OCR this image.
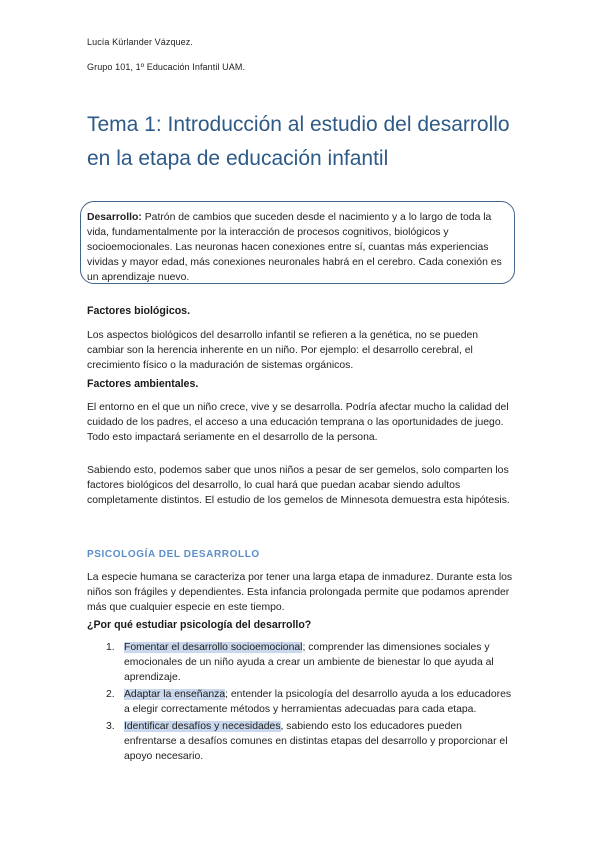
Lucía Kürlander Vázquez.
Grupo 101, 1º Educación Infantil UAM.
Tema 1: Introducción al estudio del desarrollo en la etapa de educación infantil
Desarrollo: Patrón de cambios que suceden desde el nacimiento y a lo largo de toda la vida, fundamentalmente por la interacción de procesos cognitivos, biológicos y socioemocionales. Las neuronas hacen conexiones entre sí, cuantas más experiencias vividas y mayor edad, más conexiones neuronales habrá en el cerebro. Cada conexión es un aprendizaje nuevo.
Factores biológicos.
Los aspectos biológicos del desarrollo infantil se refieren a la genética, no se pueden cambiar son la herencia inherente en un niño. Por ejemplo: el desarrollo cerebral, el crecimiento físico o la maduración de sistemas orgánicos.
Factores ambientales.
El entorno en el que un niño crece, vive y se desarrolla. Podría afectar mucho la calidad del cuidado de los padres, el acceso a una educación temprana o las oportunidades de juego. Todo esto impactará seriamente en el desarrollo de la persona.
Sabiendo esto, podemos saber que unos niños a pesar de ser gemelos, solo comparten los factores biológicos del desarrollo, lo cual hará que puedan acabar siendo adultos completamente distintos. El estudio de los gemelos de Minnesota demuestra esta hipótesis.
PSICOLOGÍA DEL DESARROLLO
La especie humana se caracteriza por tener una larga etapa de inmadurez. Durante esta los niños son frágiles y dependientes. Esta infancia prolongada permite que podamos aprender más que cualquier especie en este tiempo.
¿Por qué estudiar psicología del desarrollo?
1. Fomentar el desarrollo socioemocional; comprender las dimensiones sociales y emocionales de un niño ayuda a crear un ambiente de bienestar lo que ayuda al aprendizaje.
2. Adaptar la enseñanza; entender la psicología del desarrollo ayuda a los educadores a elegir correctamente métodos y herramientas adecuadas para cada etapa.
3. Identificar desafíos y necesidades, sabiendo esto los educadores pueden enfrentarse a desafíos comunes en distintas etapas del desarrollo y proporcionar el apoyo necesario.
